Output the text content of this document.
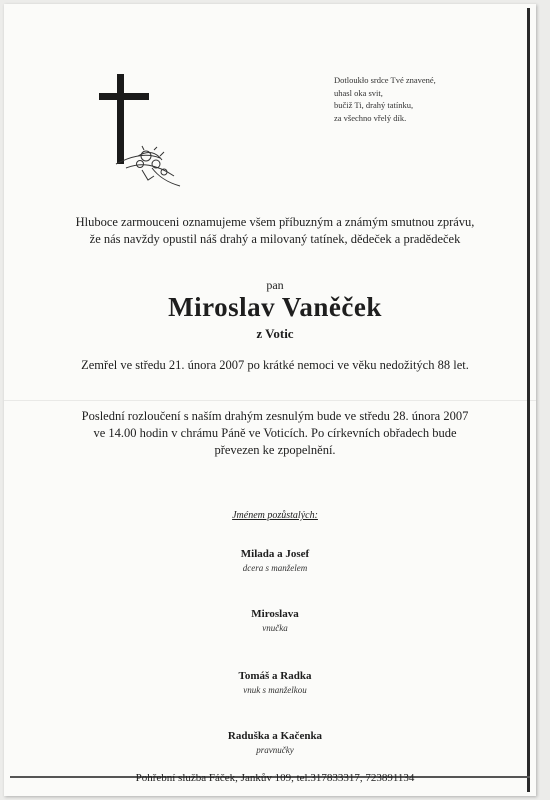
Dotloukło srdce Tvé znavené,
uhasl oka svit,
bučiž Ti, drahý tatínku,
za všechno vřelý dík.
Hluboce zarmouceni oznamujeme všem příbuzným a známým smutnou zprávu,
že nás navždy opustil náš drahý a milovaný tatínek, dědeček a pradědeček
pan
Miroslav Vaněček
z Votic
Zemřel ve středu 21. února 2007 po krátké nemoci ve věku nedožitých 88 let.
Poslední rozloučení s naším drahým zesnulým bude ve středu 28. února 2007
ve 14.00 hodin v chrámu Páně ve Voticích. Po církevních obřadech bude
převezen ke zpopelnění.
Jménem pozůstalých:
Milada a Josef
dcera s manželem
Miroslava
vnučka
Tomáš a Radka
vnuk s manželkou
Raduška a Kačenka
pravnučky
Pohřební služba Fáček, Jankův 109, tel.317833317, 723891134
